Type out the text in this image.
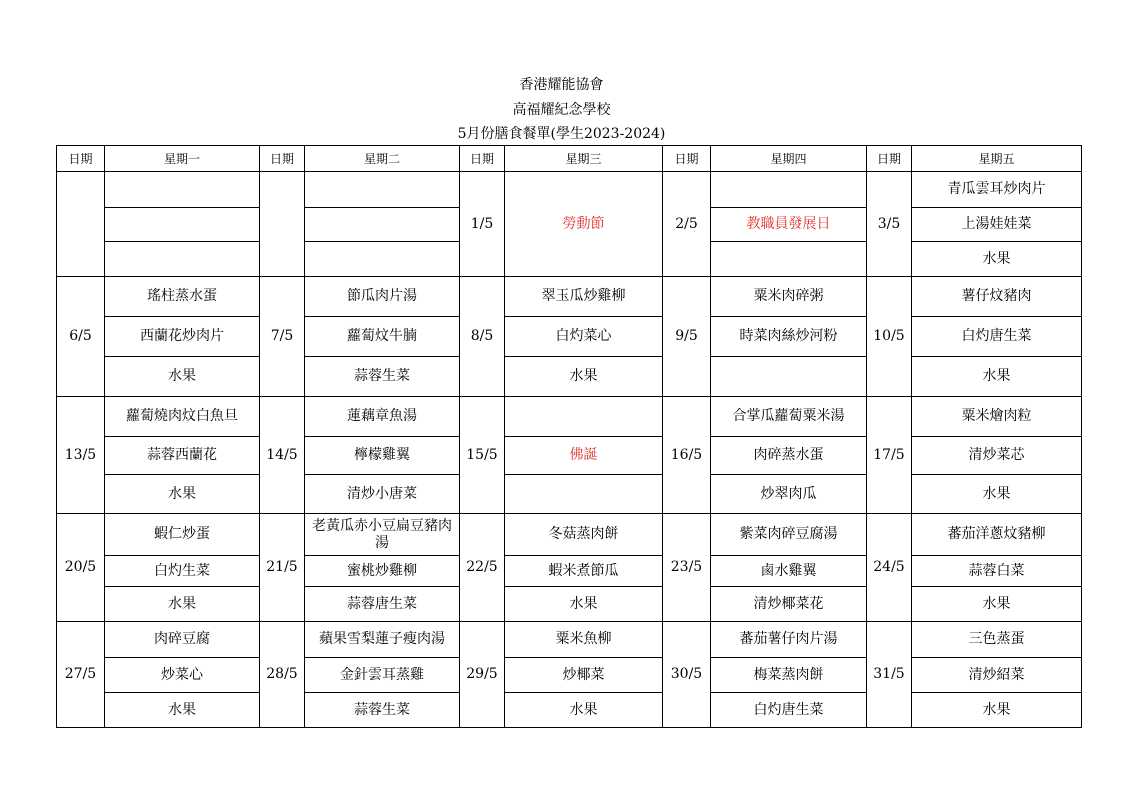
香港耀能協會
高福耀紀念學校
5月份膳食餐單(學生2023-2024)
日期	星期一	日期	星期二	日期	星期三	日期	星期四	日期	星期五
				1/5	勞動節	2/5		3/5	青瓜雲耳炒肉片
							教職員發展日		上湯娃娃菜
									水果
6/5	瑤柱蒸水蛋	7/5	節瓜肉片湯	8/5	翠玉瓜炒雞柳	9/5	粟米肉碎粥	10/5	薯仔炆豬肉
	西蘭花炒肉片		蘿蔔炆牛腩		白灼菜心		時菜肉絲炒河粉		白灼唐生菜
	水果		蒜蓉生菜		水果				水果
13/5	蘿蔔燒肉炆白魚旦	14/5	蓮藕章魚湯	15/5		16/5	合掌瓜蘿蔔粟米湯	17/5	粟米燴肉粒
	蒜蓉西蘭花		檸檬雞翼		佛誕		肉碎蒸水蛋		清炒菜芯
	水果		清炒小唐菜				炒翠肉瓜		水果
20/5	蝦仁炒蛋	21/5	老黃瓜赤小豆扁豆豬肉湯	22/5	冬菇蒸肉餅	23/5	紫菜肉碎豆腐湯	24/5	蕃茄洋蔥炆豬柳
	白灼生菜		蜜桃炒雞柳		蝦米煮節瓜		鹵水雞翼		蒜蓉白菜
	水果		蒜蓉唐生菜		水果		清炒椰菜花		水果
27/5	肉碎豆腐	28/5	蘋果雪梨蓮子瘦肉湯	29/5	粟米魚柳	30/5	蕃茄薯仔肉片湯	31/5	三色蒸蛋
	炒菜心		金針雲耳蒸雞		炒椰菜		梅菜蒸肉餅		清炒紹菜
	水果		蒜蓉生菜		水果		白灼唐生菜		水果
